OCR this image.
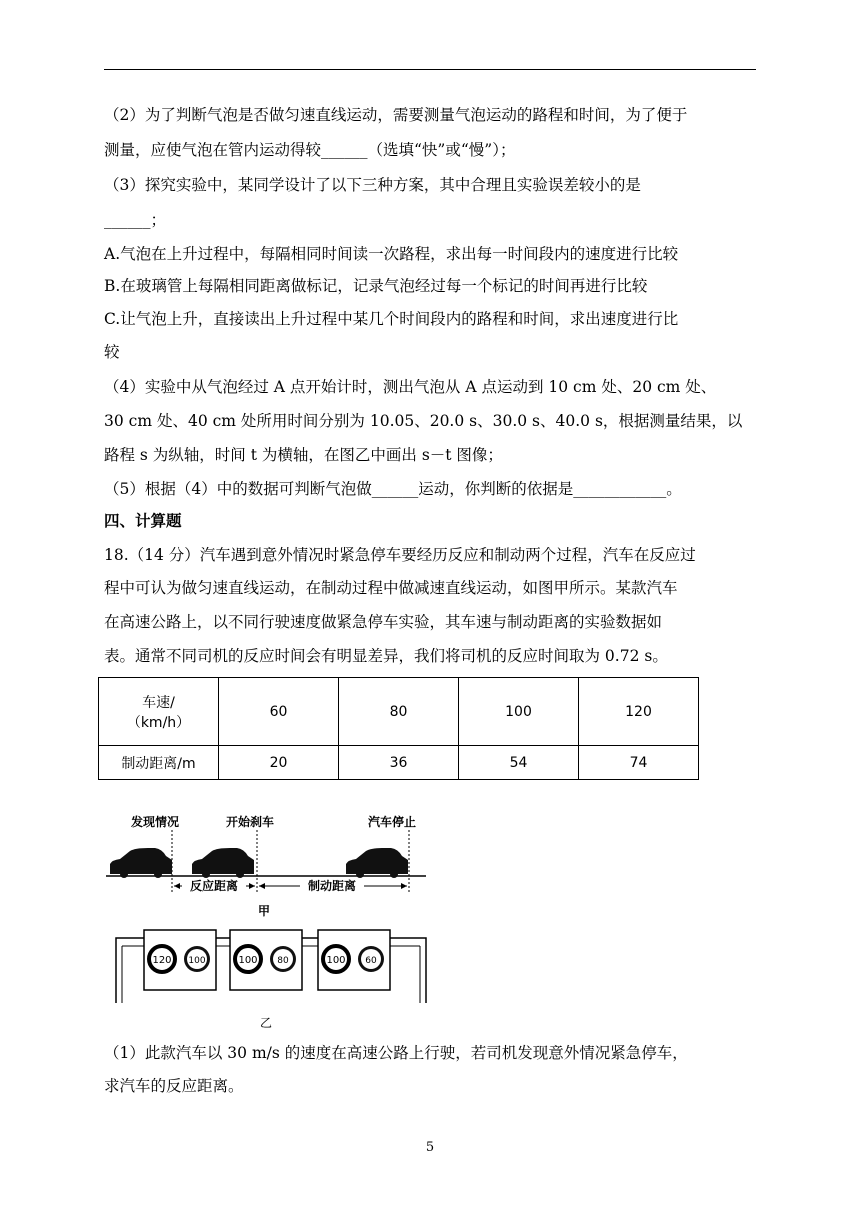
（2）为了判断气泡是否做匀速直线运动，需要测量气泡运动的路程和时间，为了便于
测量，应使气泡在管内运动得较______（选填“快”或“慢”）；
（3）探究实验中，某同学设计了以下三种方案，其中合理且实验误差较小的是
______；
A.气泡在上升过程中，每隔相同时间读一次路程，求出每一时间段内的速度进行比较
B.在玻璃管上每隔相同距离做标记，记录气泡经过每一个标记的时间再进行比较
C.让气泡上升，直接读出上升过程中某几个时间段内的路程和时间，求出速度进行比
较
（4）实验中从气泡经过 A 点开始计时，测出气泡从 A 点运动到 10 cm 处、20 cm 处、
30 cm 处、40 cm 处所用时间分别为 10.05、20.0 s、30.0 s、40.0 s，根据测量结果，以
路程 s 为纵轴，时间 t 为横轴，在图乙中画出 s－t 图像；
（5）根据（4）中的数据可判断气泡做______运动，你判断的依据是____________。
四、计算题
18.（14 分）汽车遇到意外情况时紧急停车要经历反应和制动两个过程，汽车在反应过
程中可认为做匀速直线运动，在制动过程中做减速直线运动，如图甲所示。某款汽车
在高速公路上，以不同行驶速度做紧急停车实验，其车速与制动距离的实验数据如
表。通常不同司机的反应时间会有明显差异，我们将司机的反应时间取为 0.72 s。
车速/
（km/h）	60	80	100	120
制动距离/m	20	36	54	74
发现情况	开始刹车	汽车停止
反应距离	制动距离
甲
120 100	100 80	100 60
乙
（1）此款汽车以 30 m/s 的速度在高速公路上行驶，若司机发现意外情况紧急停车，
求汽车的反应距离。
5
